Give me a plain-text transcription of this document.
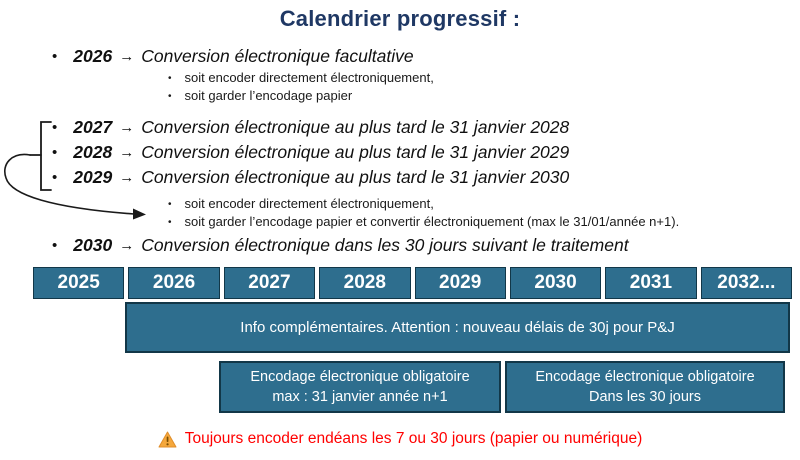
Calendrier progressif :
•
2026 → Conversion électronique facultative
•
soit encoder directement électroniquement,
•
soit garder l’encodage papier
•
2027 → Conversion électronique au plus tard le 31 janvier 2028
•
2028 → Conversion électronique au plus tard le 31 janvier 2029
•
2029 → Conversion électronique au plus tard le 31 janvier 2030
•
soit encoder directement électroniquement,
•
soit garder l’encodage papier et convertir électroniquement (max le 31/01/année n+1).
•
2030 → Conversion électronique dans les 30 jours suivant le traitement
2025	2026	2027	2028	2029	2030	2031	2032...
Info complémentaires. Attention : nouveau délais de 30j pour P&J
Encodage électronique obligatoire
max : 31 janvier année n+1
Encodage électronique obligatoire
Dans les 30 jours
Toujours encoder endéans les 7 ou 30 jours (papier ou numérique)
